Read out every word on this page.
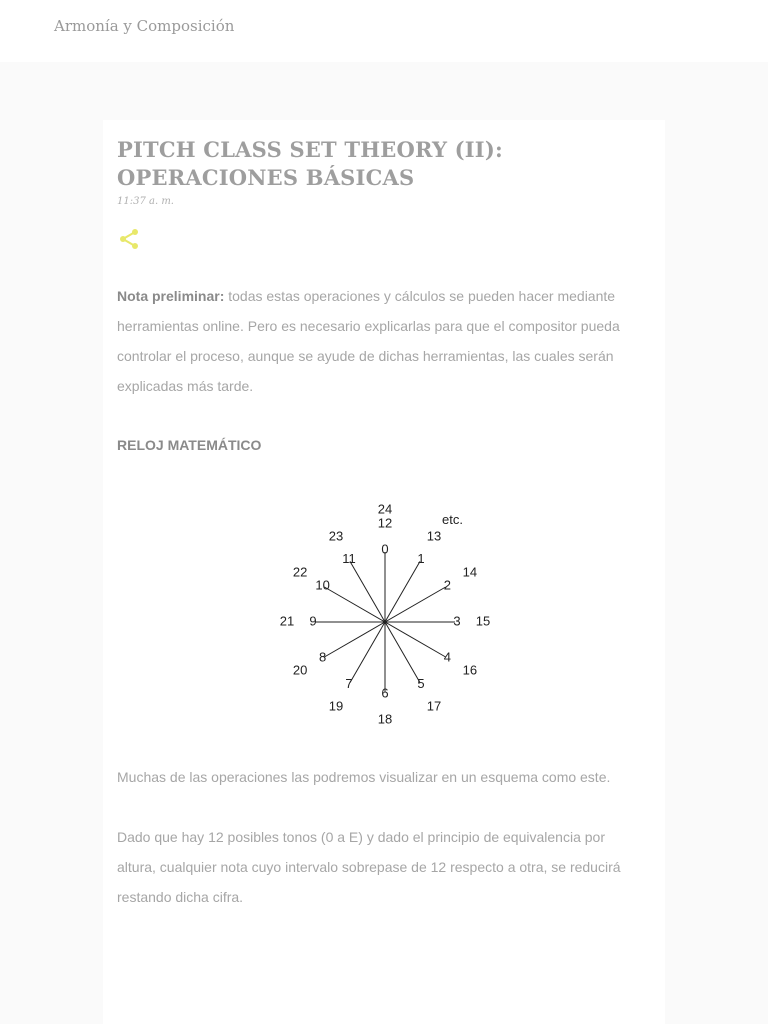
Armonía y Composición
PITCH CLASS SET THEORY (II):
OPERACIONES BÁSICAS
11:37 a. m.

Nota preliminar: todas estas operaciones y cálculos se pueden hacer mediante herramientas online. Pero es necesario explicarlas para que el compositor pueda controlar el proceso, aunque se ayude de dichas herramientas, las cuales serán explicadas más tarde.

RELOJ MATEMÁTICO
0
1
2
3
4
5
6
7
8
9
10
11
12
13
14
15
16
17
18
19
20
21
22
23
24
etc.

Muchas de las operaciones las podremos visualizar en un esquema como este.

Dado que hay 12 posibles tonos (0 a E) y dado el principio de equivalencia por altura, cualquier nota cuyo intervalo sobrepase de 12 respecto a otra, se reducirá restando dicha cifra.
